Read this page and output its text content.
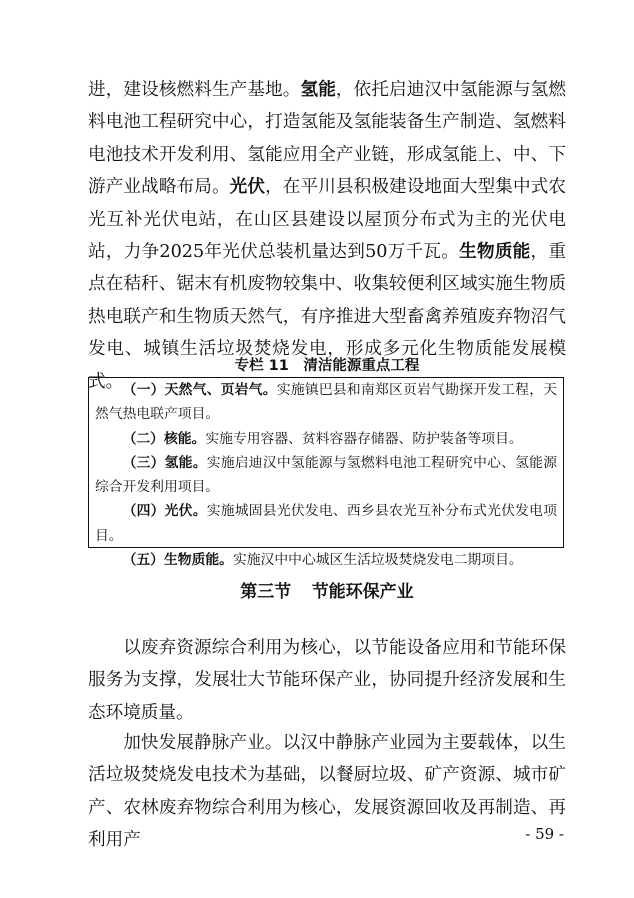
进，建设核燃料生产基地。氢能，依托启迪汉中氢能源与氢燃料电池工程研究中心，打造氢能及氢能装备生产制造、氢燃料电池技术开发利用、氢能应用全产业链，形成氢能上、中、下游产业战略布局。光伏，在平川县积极建设地面大型集中式农光互补光伏电站，在山区县建设以屋顶分布式为主的光伏电站，力争2025年光伏总装机量达到50万千瓦。生物质能，重点在秸秆、锯末有机废物较集中、收集较便利区域实施生物质热电联产和生物质天然气，有序推进大型畜禽养殖废弃物沼气发电、城镇生活垃圾焚烧发电，形成多元化生物质能发展模式。

专栏 11　清洁能源重点工程

（一）天然气、页岩气。实施镇巴县和南郑区页岩气勘探开发工程，天然气热电联产项目。

（二）核能。实施专用容器、贫料容器存储器、防护装备等项目。

（三）氢能。实施启迪汉中氢能源与氢燃料电池工程研究中心、氢能源综合开发利用项目。

（四）光伏。实施城固县光伏发电、西乡县农光互补分布式光伏发电项目。

（五）生物质能。实施汉中中心城区生活垃圾焚烧发电二期项目。

第三节 节能环保产业

以废弃资源综合利用为核心，以节能设备应用和节能环保服务为支撑，发展壮大节能环保产业，协同提升经济发展和生态环境质量。

加快发展静脉产业。以汉中静脉产业园为主要载体，以生活垃圾焚烧发电技术为基础，以餐厨垃圾、矿产资源、城市矿产、农林废弃物综合利用为核心，发展资源回收及再制造、再利用产	- 59 -
